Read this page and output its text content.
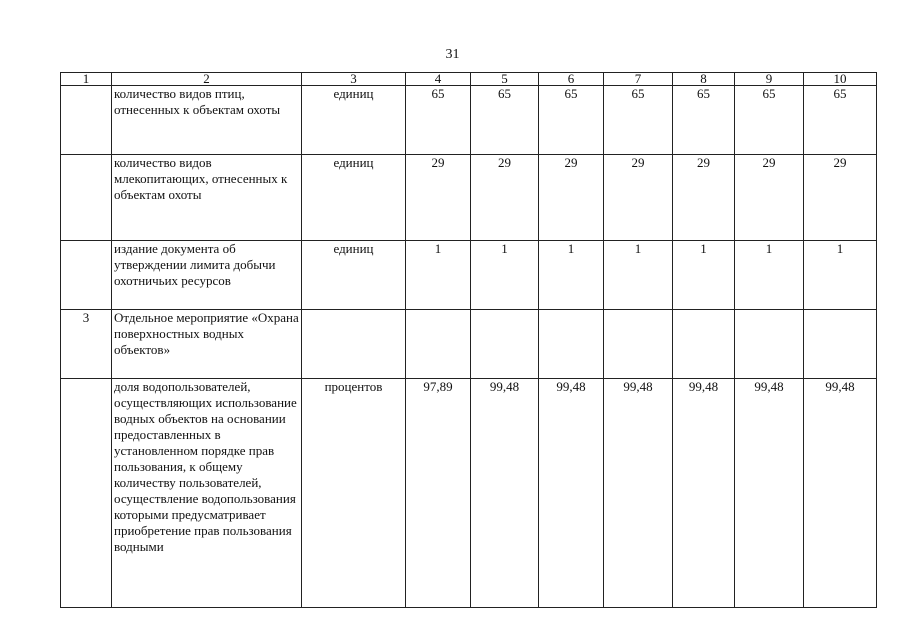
31
1	2	3	4	5	6	7	8	9	10
	количество видов птиц, отнесенных к объектам охоты	единиц	65	65	65	65	65	65	65
	количество видов млекопитающих, отнесенных к объектам охоты	единиц	29	29	29	29	29	29	29
	издание документа об утверждении лимита добычи охотничьих ресурсов	единиц	1	1	1	1	1	1	1
3	Отдельное мероприятие «Охрана поверхностных водных объектов»								
	доля водопользователей, осуществляющих использование водных объектов на основании предоставленных в установленном порядке прав пользования, к общему количеству пользователей, осуществление водопользования которыми предусматривает приобретение прав пользования водными	процентов	97,89	99,48	99,48	99,48	99,48	99,48	99,48
